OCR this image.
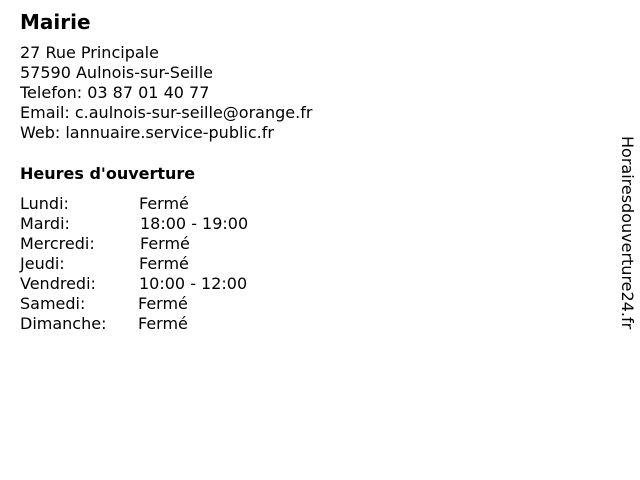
Mairie
27 Rue Principale
57590 Aulnois-sur-Seille
Telefon: 03 87 01 40 77
Email: c.aulnois-sur-seille@orange.fr
Web: lannuaire.service-public.fr
Heures d'ouverture
Lundi:	Fermé
Mardi:	18:00 - 19:00
Mercredi:	Fermé
Jeudi:	Fermé
Vendredi:	10:00 - 12:00
Samedi:	Fermé
Dimanche: Fermé	Horairesdouverture24.fr
